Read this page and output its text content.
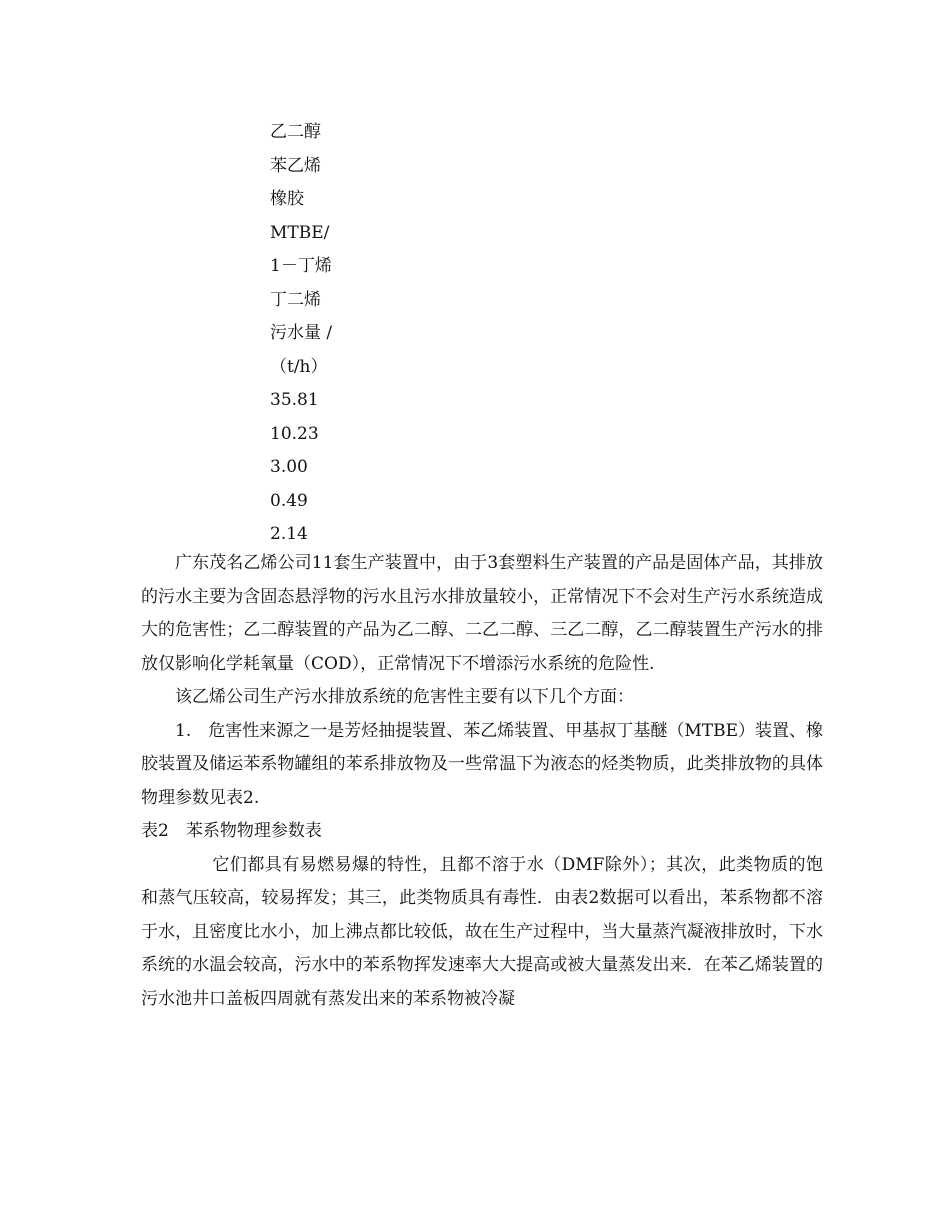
乙二醇
苯乙烯
橡胶
MTBE/
1－丁烯
丁二烯
污水量 /
（t/h）
35.81
10.23
3.00
0.49
2.14

广东茂名乙烯公司11套生产装置中，由于3套塑料生产装置的产品是固体产品，其排放的污水主要为含固态悬浮物的污水且污水排放量较小，正常情况下不会对生产污水系统造成大的危害性；乙二醇装置的产品为乙二醇、二乙二醇、三乙二醇，乙二醇装置生产污水的排放仅影响化学耗氧量（COD），正常情况下不增添污水系统的危险性.

该乙烯公司生产污水排放系统的危害性主要有以下几个方面：

1.　危害性来源之一是芳烃抽提装置、苯乙烯装置、甲基叔丁基醚（MTBE）装置、橡胶装置及储运苯系物罐组的苯系排放物及一些常温下为液态的烃类物质，此类排放物的具体物理参数见表2.

表2　苯系物物理参数表

它们都具有易燃易爆的特性，且都不溶于水（DMF除外）；其次，此类物质的饱和蒸气压较高，较易挥发；其三，此类物质具有毒性．由表2数据可以看出，苯系物都不溶于水，且密度比水小，加上沸点都比较低，故在生产过程中，当大量蒸汽凝液排放时，下水系统的水温会较高，污水中的苯系物挥发速率大大提高或被大量蒸发出来．在苯乙烯装置的污水池井口盖板四周就有蒸发出来的苯系物被冷凝
